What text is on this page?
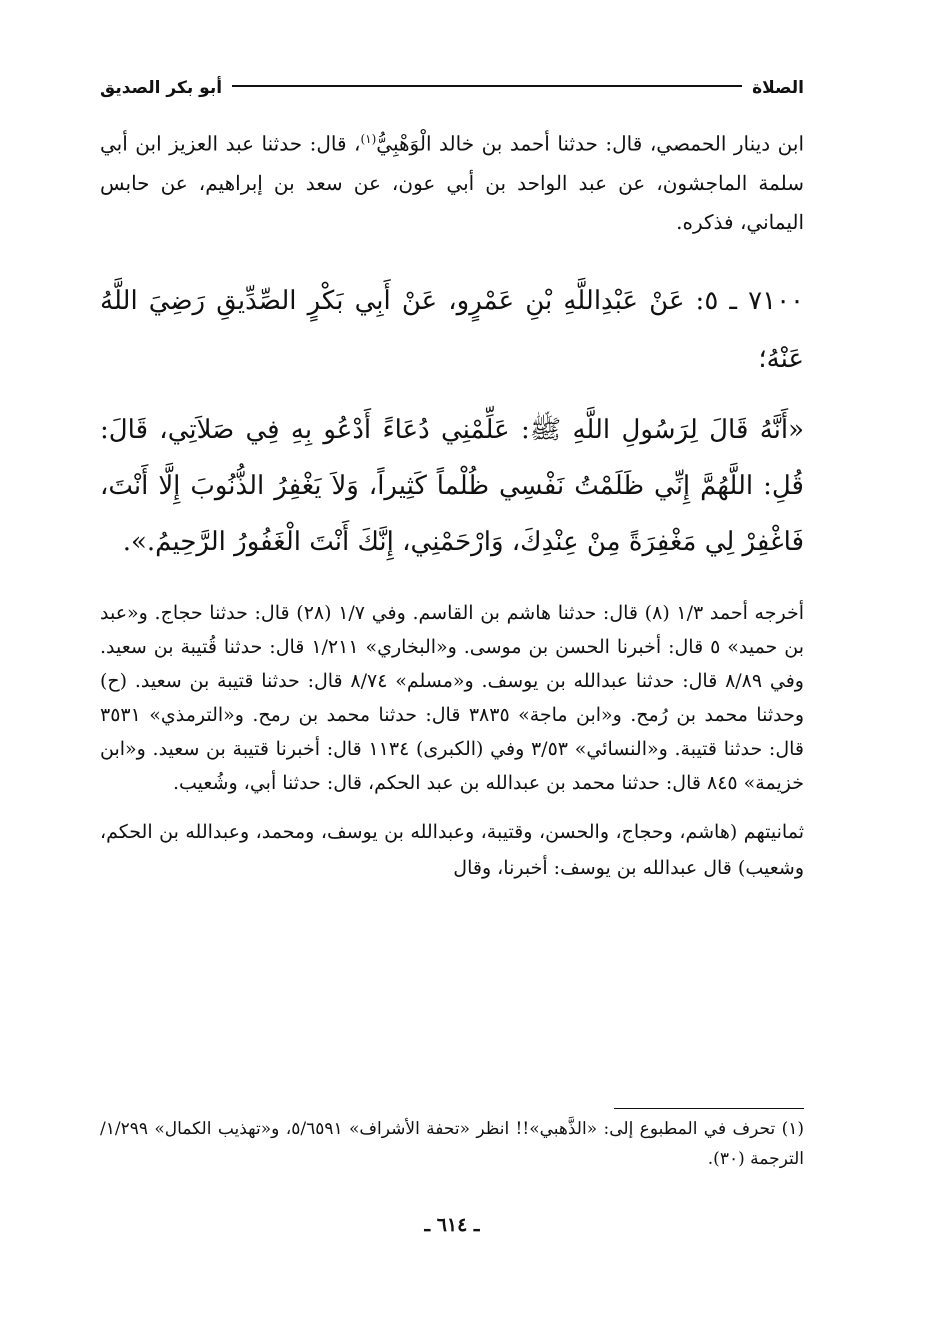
الصلاة
أبو بكر الصديق

ابن دينار الحمصي، قال: حدثنا أحمد بن خالد الْوَهْبِيُّ$^{(١)}$، قال: حدثنا عبد العزيز ابن أبي سلمة الماجشون، عن عبد الواحد بن أبي عون، عن سعد بن إبراهيم، عن حابس اليماني، فذكره.

٧١٠٠ ـ ٥: عَنْ عَبْدِاللَّهِ بْنِ عَمْرٍو، عَنْ أَبِي بَكْرٍ الصِّدِّيقِ رَضِيَ اللَّهُ عَنْهُ؛

«أَنَّهُ قَالَ لِرَسُولِ اللَّهِ ﷺ: عَلِّمْنِي دُعَاءً أَدْعُو بِهِ فِي صَلاَتِي، قَالَ: قُلِ: اللَّهُمَّ إِنِّي ظَلَمْتُ نَفْسِي ظُلْماً كَثِيراً، وَلاَ يَغْفِرُ الذُّنُوبَ إِلَّا أَنْتَ، فَاغْفِرْ لِي مَغْفِرَةً مِنْ عِنْدِكَ، وَارْحَمْنِي، إِنَّكَ أَنْتَ الْغَفُورُ الرَّحِيمُ.».

أخرجه أحمد ١/٣ (٨) قال: حدثنا هاشم بن القاسم. وفي ١/٧ (٢٨) قال: حدثنا حجاج. و«عبد بن حميد» ٥ قال: أخبرنا الحسن بن موسى. و«البخاري» ١/٢١١ قال: حدثنا قُتيبة بن سعيد. وفي ٨/٨٩ قال: حدثنا عبدالله بن يوسف. و«مسلم» ٨/٧٤ قال: حدثنا قتيبة بن سعيد. (ح) وحدثنا محمد بن رُمح. و«ابن ماجة» ٣٨٣٥ قال: حدثنا محمد بن رمح. و«الترمذي» ٣٥٣١ قال: حدثنا قتيبة. و«النسائي» ٣/٥٣ وفي (الكبرى) ١١٣٤ قال: أخبرنا قتيبة بن سعيد. و«ابن خزيمة» ٨٤٥ قال: حدثنا محمد بن عبدالله بن عبد الحكم، قال: حدثنا أبي، وشُعيب.

ثمانيتهم (هاشم، وحجاج، والحسن، وقتيبة، وعبدالله بن يوسف، ومحمد، وعبدالله بن الحكم، وشعيب) قال عبدالله بن يوسف: أخبرنا، وقال

(١) تحرف في المطبوع إلى: «الذَّهبي»!! انظر «تحفة الأشراف» ٥/٦٥٩١، و«تهذيب الكمال» ١/٢٩٩/ الترجمة (٣٠).

ـ ٦١٤ ـ
